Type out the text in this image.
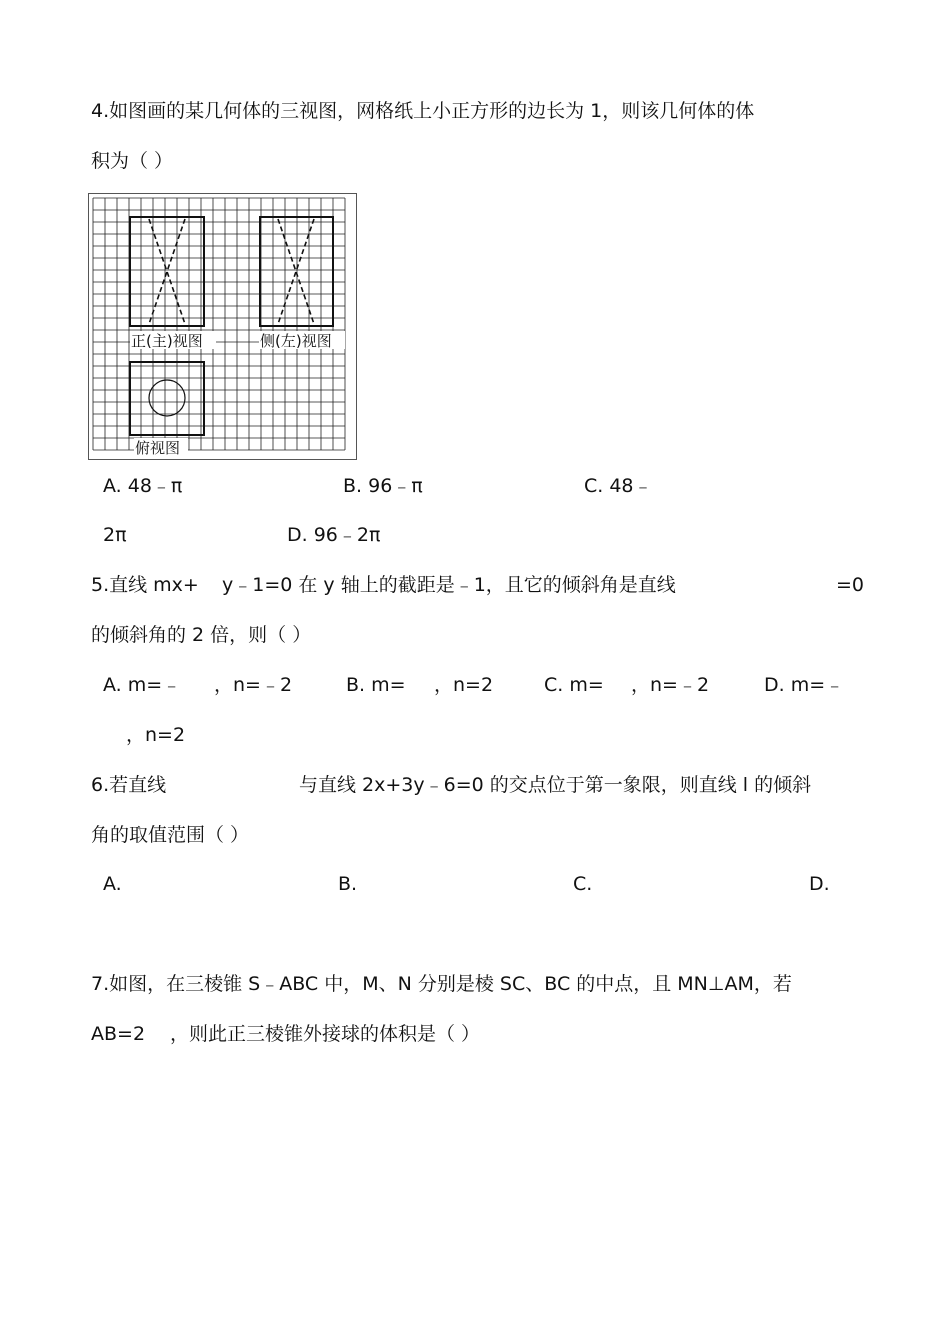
4.如图画的某几何体的三视图，网格纸上小正方形的边长为 1，则该几何体的体
积为（ ）
正(主)视图	侧(左)视图
俯视图
A. 48﹣π	B. 96﹣π	C. 48﹣
2π	D. 96﹣2π
5.直线 mx+ y﹣1=0 在 y 轴上的截距是﹣1，且它的倾斜角是直线	=0
的倾斜角的 2 倍，则（ ）
A. m=﹣ ，n=﹣2	B. m= ，n=2	C. m= ，n=﹣2	D. m=﹣
，n=2
6.若直线	与直线 2x+3y﹣6=0 的交点位于第一象限，则直线 l 的倾斜
角的取值范围（ ）
A.	B.	C.	D.
7.如图，在三棱锥 S﹣ABC 中，M、N 分别是棱 SC、BC 的中点，且 MN⊥AM，若
AB=2 ，则此正三棱锥外接球的体积是（ ）
